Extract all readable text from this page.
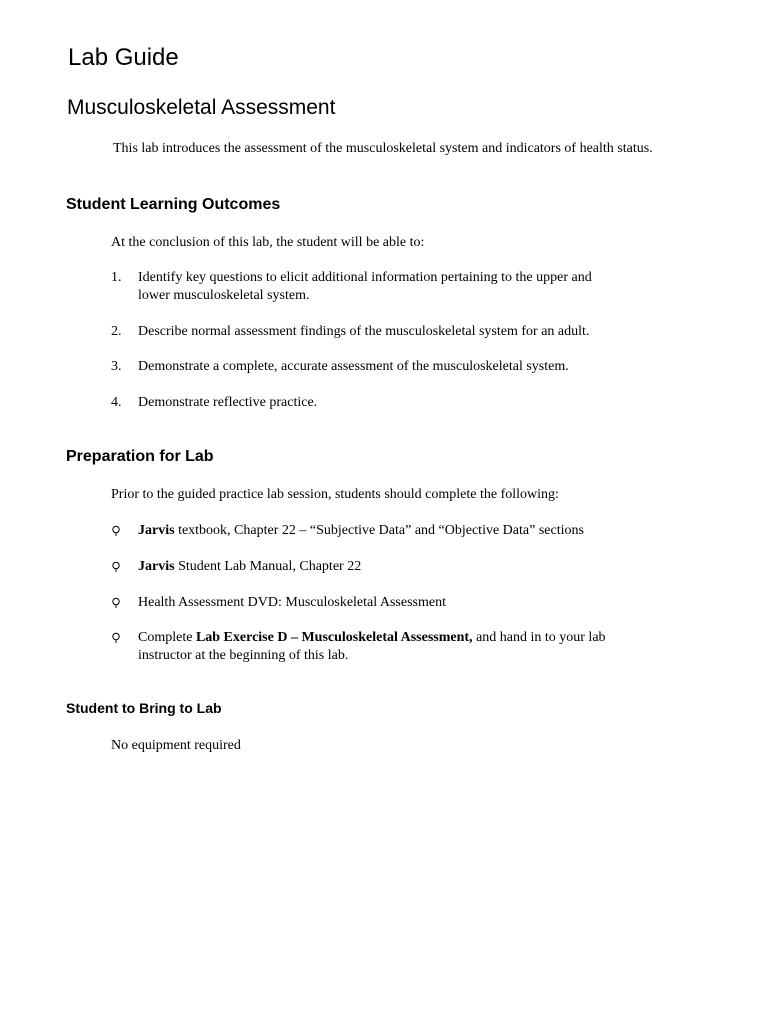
Lab Guide
Musculoskeletal Assessment

This lab introduces the assessment of the musculoskeletal system and indicators of health status.

Student Learning Outcomes

At the conclusion of this lab, the student will be able to:

1. Identify key questions to elicit additional information pertaining to the upper and lower musculoskeletal system.
2. Describe normal assessment findings of the musculoskeletal system for an adult.
3. Demonstrate a complete, accurate assessment of the musculoskeletal system.
4. Demonstrate reflective practice.
Preparation for Lab

Prior to the guided practice lab session, students should complete the following:

Jarvis textbook, Chapter 22 – “Subjective Data” and “Objective Data” sections
Jarvis Student Lab Manual, Chapter 22
Health Assessment DVD: Musculoskeletal Assessment
Complete Lab Exercise D – Musculoskeletal Assessment, and hand in to your lab instructor at the beginning of this lab.
Student to Bring to Lab

No equipment required
